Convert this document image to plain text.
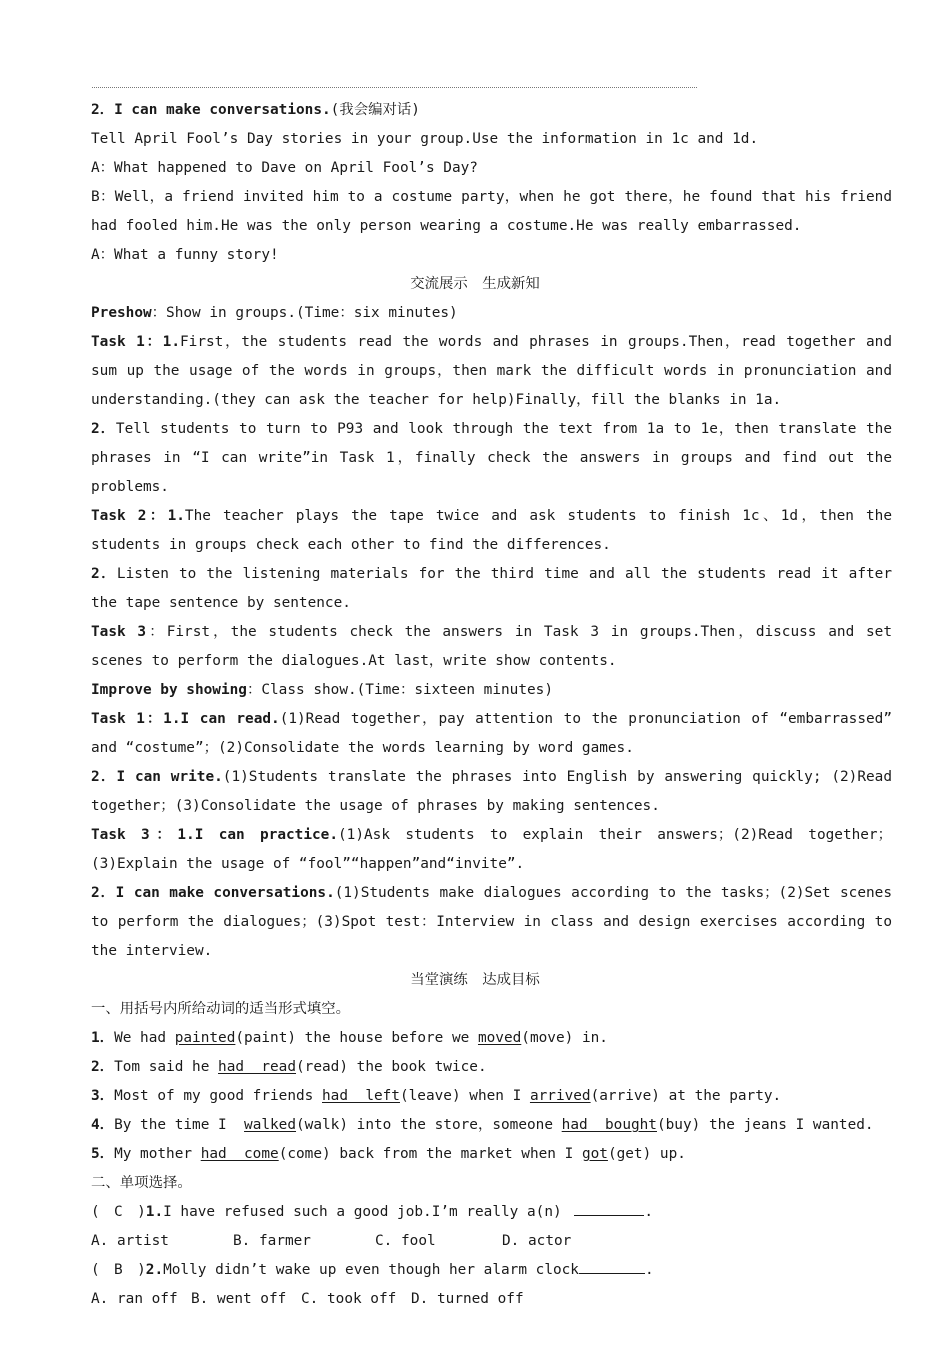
2．I can make conversations.(我会编对话)

Tell April Fool’s Day stories in your group.Use the information in 1c and 1d.

A：What happened to Dave on April Fool’s Day?

B：Well，a friend invited him to a costume party，when he got there，he found that his friend had fooled him.He was the only person wearing a costume.He was really embarrassed.

A：What a funny story!

交流展示　生成新知

Preshow：Show in groups.(Time：six minutes)

Task 1：1.First，the students read the words and phrases in groups.Then，read together and sum up the usage of the words in groups，then mark the difficult words in pronunciation and understanding.(they can ask the teacher for help)Finally，fill the blanks in 1a.

2．Tell students to turn to P93 and look through the text from 1a to 1e，then translate the phrases in “I can write”in Task 1，finally check the answers in groups and find out the problems.

Task 2：1.The teacher plays the tape twice and ask students to finish 1c、1d，then the students in groups check each other to find the differences.

2．Listen to the listening materials for the third time and all the students read it after the tape sentence by sentence.

Task 3：First，the students check the answers in Task 3 in groups.Then，discuss and set scenes to perform the dialogues.At last，write show contents.

Improve by showing：Class show.(Time：sixteen minutes)

Task 1：1.I can read.(1)Read together，pay attention to the pronunciation of “embarrassed” and “costume”；(2)Consolidate the words learning by word games.

2．I can write.(1)Students translate the phrases into English by answering quickly; (2)Read together；(3)Consolidate the usage of phrases by making sentences.

Task 3：1.I can practice.(1)Ask students to explain their answers；(2)Read together；(3)Explain the usage of “fool”“happen”and“invite”.

2．I can make conversations.(1)Students make dialogues according to the tasks；(2)Set scenes to perform the dialogues；(3)Spot test：Interview in class and design exercises according to the interview.

当堂演练　达成目标

一、用括号内所给动词的适当形式填空。

1．We had painted(paint) the house before we moved(move) in.

2．Tom said he had  read(read) the book twice.

3．Most of my good friends had  left(leave) when I arrived(arrive) at the party.

4．By the time I  walked(walk) into the store，someone had  bought(buy) the jeans I wanted.

5．My mother had  come(come) back from the market when I got(get) up.

二、单项选择。

(　C　)1.I have refused such a good job.I’m really a(n)	.

A. artist	B. farmer	C. fool	D. actor

(　B　)2.Molly didn’t wake up even though her alarm clock	.

A. ran off B. went off C. took off D. turned off
